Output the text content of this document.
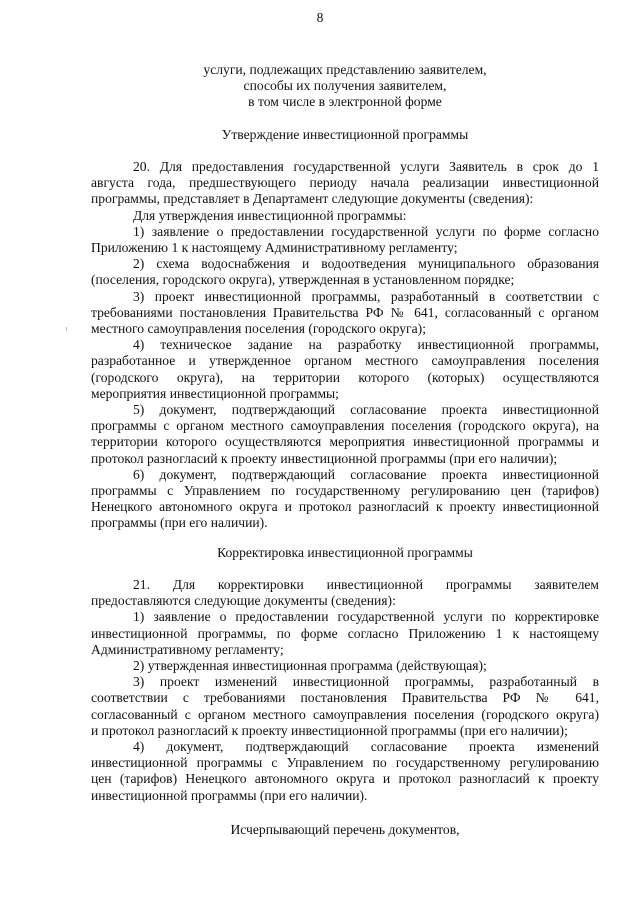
8

услуги, подлежащих представлению заявителем,

способы их получения заявителем,

в том числе в электронной форме

Утверждение инвестиционной программы

20. Для предоставления государственной услуги Заявитель в срок до 1

августа года, предшествующего периоду начала реализации инвестиционной

программы, представляет в Департамент следующие документы (сведения):

Для утверждения инвестиционной программы:

1) заявление о предоставлении государственной услуги по форме согласно

Приложению 1 к настоящему Административному регламенту;

2) схема водоснабжения и водоотведения муниципального образования

(поселения, городского округа), утвержденная в установленном порядке;

3) проект инвестиционной программы, разработанный в соответствии с

требованиями постановления Правительства РФ № 641, согласованный с органом

местного самоуправления поселения (городского округа);

4) техническое задание на разработку инвестиционной программы,

разработанное и утвержденное органом местного самоуправления поселения

(городского округа), на территории которого (которых) осуществляются

мероприятия инвестиционной программы;

5) документ, подтверждающий согласование проекта инвестиционной

программы с органом местного самоуправления поселения (городского округа), на

территории которого осуществляются мероприятия инвестиционной программы и

протокол разногласий к проекту инвестиционной программы (при его наличии);

6) документ, подтверждающий согласование проекта инвестиционной

программы с Управлением по государственному регулированию цен (тарифов)

Ненецкого автономного округа и протокол разногласий к проекту инвестиционной

программы (при его наличии).

Корректировка инвестиционной программы

21. Для корректировки инвестиционной программы заявителем

предоставляются следующие документы (сведения):

1) заявление о предоставлении государственной услуги по корректировке

инвестиционной программы, по форме согласно Приложению 1 к настоящему

Административному регламенту;

2) утвержденная инвестиционная программа (действующая);

3) проект изменений инвестиционной программы, разработанный в

соответствии с требованиями постановления Правительства РФ № 641,

согласованный с органом местного самоуправления поселения (городского округа)

и протокол разногласий к проекту инвестиционной программы (при его наличии);

4) документ, подтверждающий согласование проекта изменений

инвестиционной программы с Управлением по государственному регулированию

цен (тарифов) Ненецкого автономного округа и протокол разногласий к проекту

инвестиционной программы (при его наличии).

Исчерпывающий перечень документов,
